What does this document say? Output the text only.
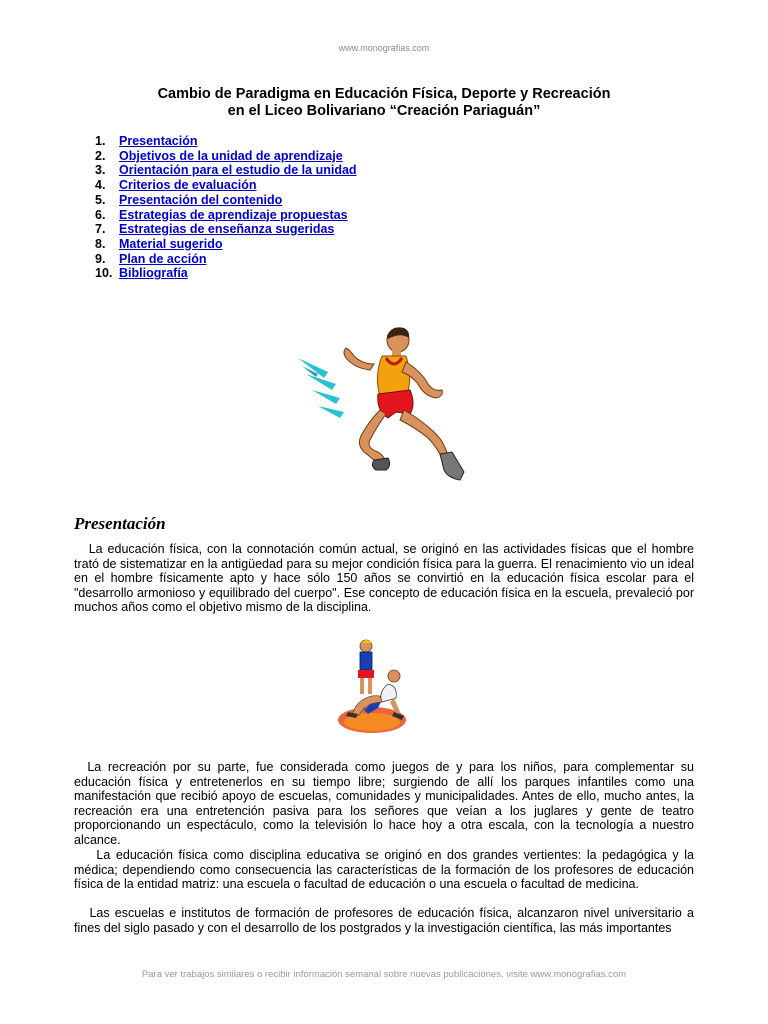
www.monografias.com
Cambio de Paradigma en Educación Física, Deporte y Recreación
en el Liceo Bolivariano “Creación Pariaguán”
1.	Presentación
2.	Objetivos de la unidad de aprendizaje
3.	Orientación para el estudio de la unidad
4.	Criterios de evaluación
5.	Presentación del contenido
6.	Estrategias de aprendizaje propuestas
7.	Estrategias de enseñanza sugeridas
8.	Material sugerido
9.	Plan de acción
10. Bibliografía
Presentación

La educación física, con la connotación común actual, se originó en las actividades físicas que el hombre trató de sistematizar en la antigüedad para su mejor condición física para la guerra. El renacimiento vio un ideal en el hombre físicamente apto y hace sólo 150 años se convirtió en la educación física escolar para el "desarrollo armonioso y equilibrado del cuerpo". Ese concepto de educación física en la escuela, prevaleció por muchos años como el objetivo mismo de la disciplina.

La recreación por su parte, fue considerada como juegos de y para los niños, para complementar su educación física y entretenerlos en su tiempo libre; surgiendo de allí los parques infantiles como una manifestación que recibió apoyo de escuelas, comunidades y municipalidades. Antes de ello, mucho antes, la recreación era una entretención pasiva para los señores que veían a los juglares y gente de teatro proporcionando un espectáculo, como la televisión lo hace hoy a otra escala, con la tecnología a nuestro alcance.

La educación física como disciplina educativa se originó en dos grandes vertientes: la pedagógica y la médica; dependiendo como consecuencia las características de la formación de los profesores de educación física de la entidad matriz: una escuela o facultad de educación o una escuela o facultad de medicina.

Las escuelas e institutos de formación de profesores de educación física, alcanzaron nivel universitario a fines del siglo pasado y con el desarrollo de los postgrados y la investigación científica, las más importantes

Para ver trabajos similares o recibir información semanal sobre nuevas publicaciones, visite www.monografias.com
